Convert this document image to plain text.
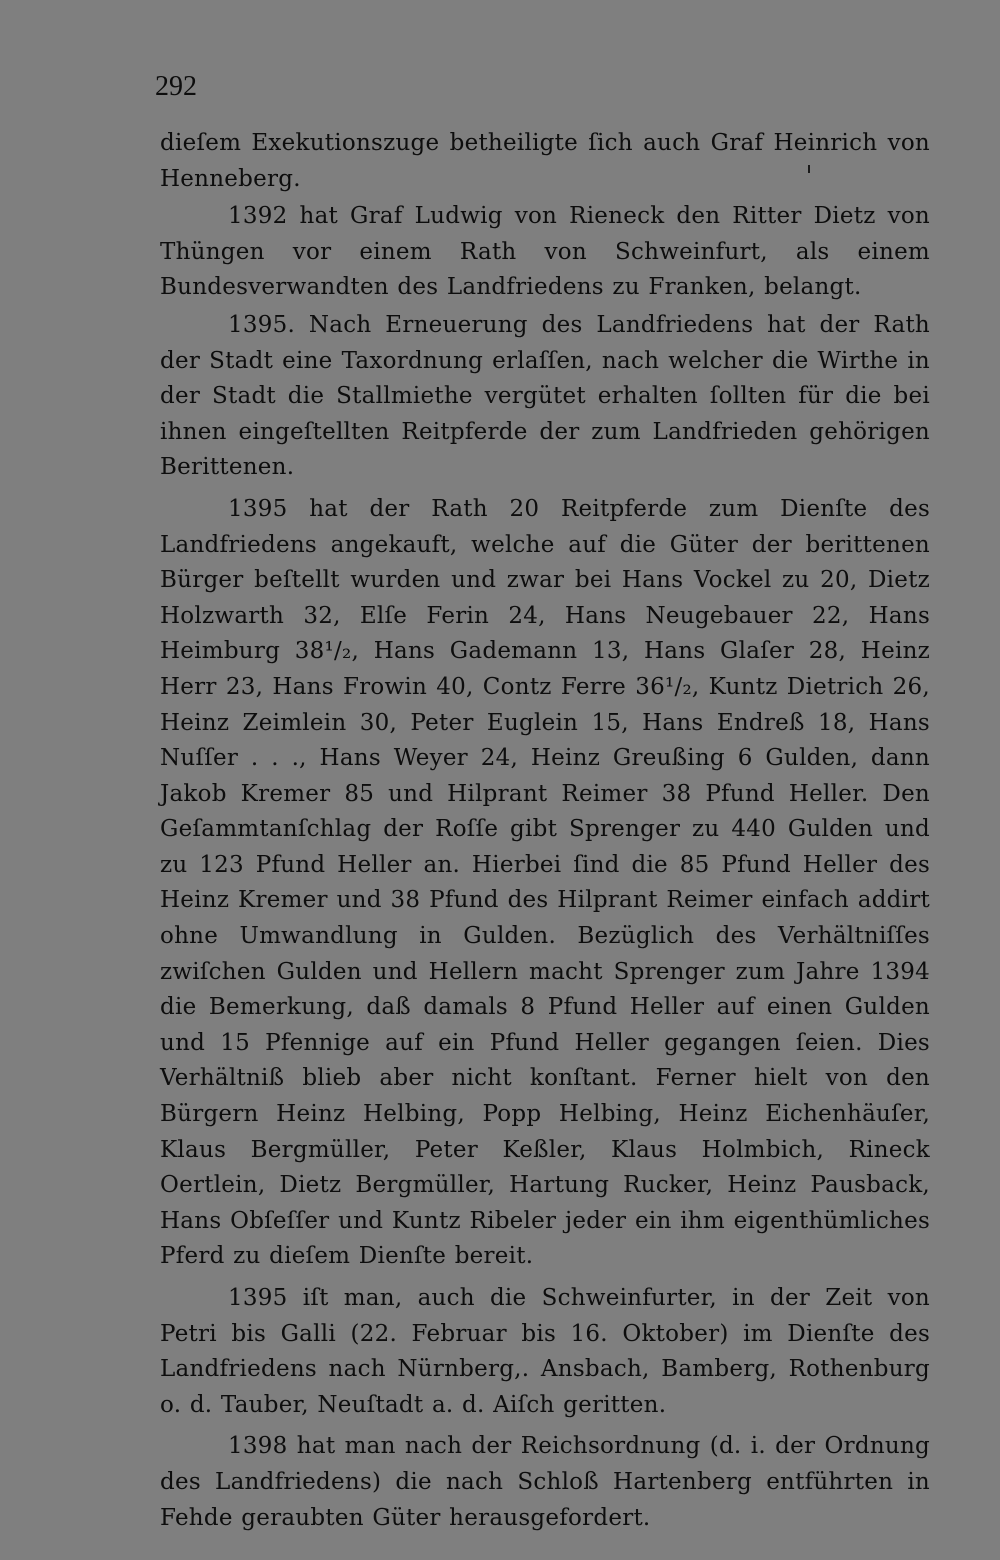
292

dieſem Exekutionszuge betheiligte ſich auch Graf Heinrich von Henneberg.

1392 hat Graf Ludwig von Rieneck den Ritter Dietz von Thüngen vor einem Rath von Schweinfurt, als einem Bundesverwandten des Landfriedens zu Franken, belangt.

1395. Nach Erneuerung des Landfriedens hat der Rath der Stadt eine Taxordnung erlaſſen, nach welcher die Wirthe in der Stadt die Stallmiethe vergütet erhalten ſollten für die bei ihnen eingeſtellten Reitpferde der zum Landfrieden gehörigen Berittenen.

1395 hat der Rath 20 Reitpferde zum Dienſte des Landfriedens angekauft, welche auf die Güter der berittenen Bürger beſtellt wurden und zwar bei Hans Vockel zu 20, Dietz Holzwarth 32, Elſe Ferin 24, Hans Neugebauer 22, Hans Heimburg 38¹/₂, Hans Gademann 13, Hans Glaſer 28, Heinz Herr 23, Hans Frowin 40, Contz Ferre 36¹/₂, Kuntz Dietrich 26, Heinz Zeimlein 30, Peter Euglein 15, Hans Endreß 18, Hans Nuſſer . . ., Hans Weyer 24, Heinz Greußing 6 Gulden, dann Jakob Kremer 85 und Hilprant Reimer 38 Pfund Heller. Den Geſammtanſchlag der Roſſe gibt Sprenger zu 440 Gulden und zu 123 Pfund Heller an. Hierbei ſind die 85 Pfund Heller des Heinz Kremer und 38 Pfund des Hilprant Reimer einfach addirt ohne Umwandlung in Gulden. Bezüglich des Verhältniſſes zwiſchen Gulden und Hellern macht Sprenger zum Jahre 1394 die Bemerkung, daß damals 8 Pfund Heller auf einen Gulden und 15 Pfennige auf ein Pfund Heller gegangen ſeien. Dies Verhältniß blieb aber nicht konſtant. Ferner hielt von den Bürgern Heinz Helbing, Popp Helbing, Heinz Eichenhäuſer, Klaus Bergmüller, Peter Keßler, Klaus Holmbich, Rineck Oertlein, Dietz Bergmüller, Hartung Rucker, Heinz Pausback, Hans Obſeſſer und Kuntz Ribeler jeder ein ihm eigenthümliches Pferd zu dieſem Dienſte bereit.

1395 iſt man, auch die Schweinfurter, in der Zeit von Petri bis Galli (22. Februar bis 16. Oktober) im Dienſte des Landfriedens nach Nürnberg,. Ansbach, Bamberg, Rothenburg o. d. Tauber, Neuſtadt a. d. Aiſch geritten.

1398 hat man nach der Reichsordnung (d. i. der Ordnung des Landfriedens) die nach Schloß Hartenberg entführten in Fehde geraubten Güter herausgefordert.
